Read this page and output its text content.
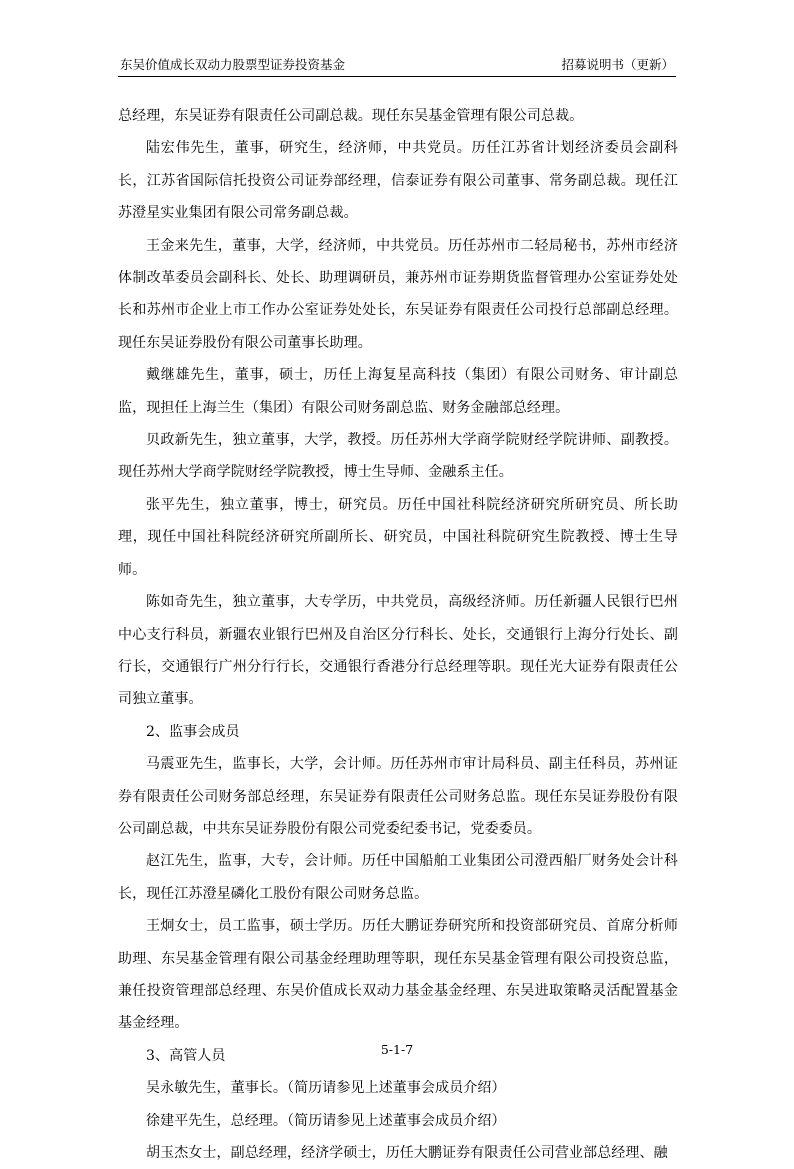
东吴价值成长双动力股票型证券投资基金	招募说明书（更新）

总经理，东吴证券有限责任公司副总裁。现任东吴基金管理有限公司总裁。

陆宏伟先生，董事，研究生，经济师，中共党员。历任江苏省计划经济委员会副科长，江苏省国际信托投资公司证券部经理，信泰证券有限公司董事、常务副总裁。现任江苏澄星实业集团有限公司常务副总裁。

王金来先生，董事，大学，经济师，中共党员。历任苏州市二轻局秘书，苏州市经济体制改革委员会副科长、处长、助理调研员，兼苏州市证券期货监督管理办公室证券处处长和苏州市企业上市工作办公室证券处处长，东吴证券有限责任公司投行总部副总经理。现任东吴证券股份有限公司董事长助理。

戴继雄先生，董事，硕士，历任上海复星高科技（集团）有限公司财务、审计副总监，现担任上海兰生（集团）有限公司财务副总监、财务金融部总经理。

贝政新先生，独立董事，大学，教授。历任苏州大学商学院财经学院讲师、副教授。现任苏州大学商学院财经学院教授，博士生导师、金融系主任。

张平先生，独立董事，博士，研究员。历任中国社科院经济研究所研究员、所长助理，现任中国社科院经济研究所副所长、研究员，中国社科院研究生院教授、博士生导师。

陈如奇先生，独立董事，大专学历，中共党员，高级经济师。历任新疆人民银行巴州中心支行科员，新疆农业银行巴州及自治区分行科长、处长，交通银行上海分行处长、副行长，交通银行广州分行行长，交通银行香港分行总经理等职。现任光大证券有限责任公司独立董事。

2、监事会成员

马震亚先生，监事长，大学，会计师。历任苏州市审计局科员、副主任科员，苏州证券有限责任公司财务部总经理，东吴证券有限责任公司财务总监。现任东吴证券股份有限公司副总裁，中共东吴证券股份有限公司党委纪委书记，党委委员。

赵江先生，监事，大专，会计师。历任中国船舶工业集团公司澄西船厂财务处会计科长，现任江苏澄星磷化工股份有限公司财务总监。

王炯女士，员工监事，硕士学历。历任大鹏证券研究所和投资部研究员、首席分析师助理、东吴基金管理有限公司基金经理助理等职，现任东吴基金管理有限公司投资总监，兼任投资管理部总经理、东吴价值成长双动力基金基金经理、东吴进取策略灵活配置基金基金经理。

3、高管人员

吴永敏先生，董事长。（简历请参见上述董事会成员介绍）

徐建平先生，总经理。（简历请参见上述董事会成员介绍）

胡玉杰女士，副总经理，经济学硕士，历任大鹏证券有限责任公司营业部总经理、融

5-1-7
